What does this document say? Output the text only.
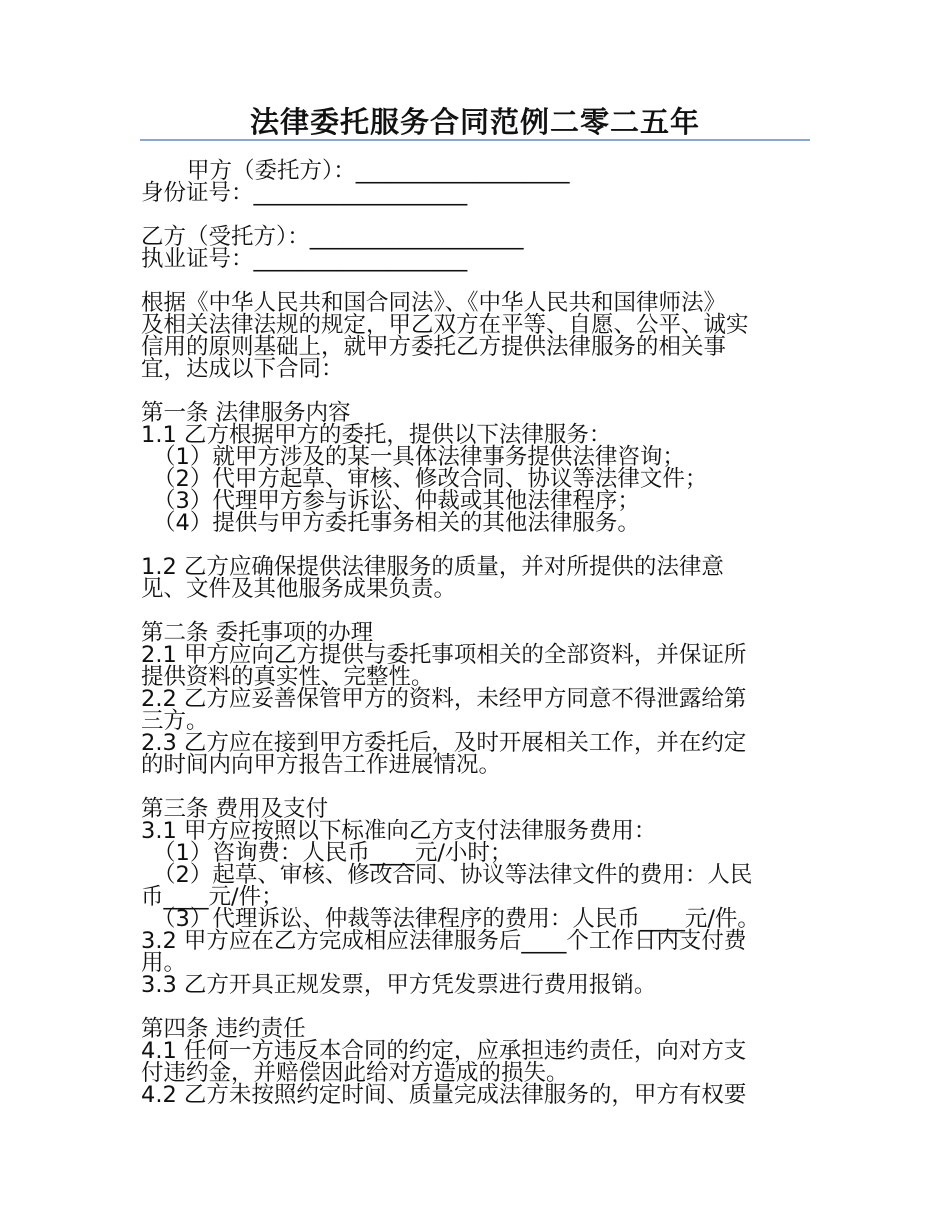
法律委托服务合同范例二零二五年

甲方（委托方）：___________________

身份证号：___________________

乙方（受托方）：___________________

执业证号：___________________

根据《中华人民共和国合同法》、《中华人民共和国律师法》

及相关法律法规的规定，甲乙双方在平等、自愿、公平、诚实

信用的原则基础上，就甲方委托乙方提供法律服务的相关事

宜，达成以下合同：

第一条 法律服务内容

1.1 乙方根据甲方的委托，提供以下法律服务：

（1）就甲方涉及的某一具体法律事务提供法律咨询；

（2）代甲方起草、审核、修改合同、协议等法律文件；

（3）代理甲方参与诉讼、仲裁或其他法律程序；

（4）提供与甲方委托事务相关的其他法律服务。

1.2 乙方应确保提供法律服务的质量，并对所提供的法律意

见、文件及其他服务成果负责。

第二条 委托事项的办理

2.1 甲方应向乙方提供与委托事项相关的全部资料，并保证所

提供资料的真实性、完整性。

2.2 乙方应妥善保管甲方的资料，未经甲方同意不得泄露给第

三方。

2.3 乙方应在接到甲方委托后，及时开展相关工作，并在约定

的时间内向甲方报告工作进展情况。

第三条 费用及支付

3.1 甲方应按照以下标准向乙方支付法律服务费用：

（1）咨询费：人民币____元/小时；

（2）起草、审核、修改合同、协议等法律文件的费用：人民

币____元/件；

（3）代理诉讼、仲裁等法律程序的费用：人民币____元/件。

3.2 甲方应在乙方完成相应法律服务后____个工作日内支付费

用。

3.3 乙方开具正规发票，甲方凭发票进行费用报销。

第四条 违约责任

4.1 任何一方违反本合同的约定，应承担违约责任，向对方支

付违约金，并赔偿因此给对方造成的损失。

4.2 乙方未按照约定时间、质量完成法律服务的，甲方有权要
